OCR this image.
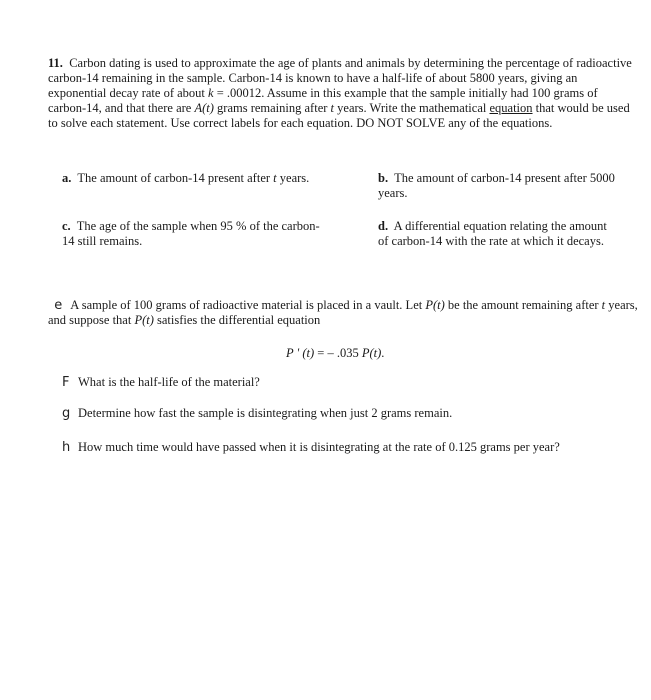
11. Carbon dating is used to approximate the age of plants and animals by determining the percentage of radioactive carbon-14 remaining in the sample. Carbon-14 is known to have a half-life of about 5800 years, giving an exponential decay rate of about k = .00012. Assume in this example that the sample initially had 100 grams of carbon-14, and that there are A(t) grams remaining after t years. Write the mathematical equation that would be used to solve each statement. Use correct labels for each equation. DO NOT SOLVE any of the equations.

a. The amount of carbon-14 present after t years.	b. The amount of carbon-14 present after 5000 years.
c. The age of the sample when 95 % of the carbon-14 still remains.
d. A differential equation relating the amount of carbon-14 with the rate at which it decays.
e A sample of 100 grams of radioactive material is placed in a vault. Let P(t) be the amount remaining after t years, and suppose that P(t) satisfies the differential equation
P ' (t) = – .035 P(t).
F What is the half-life of the material?
g Determine how fast the sample is disintegrating when just 2 grams remain.
h How much time would have passed when it is disintegrating at the rate of 0.125 grams per year?
